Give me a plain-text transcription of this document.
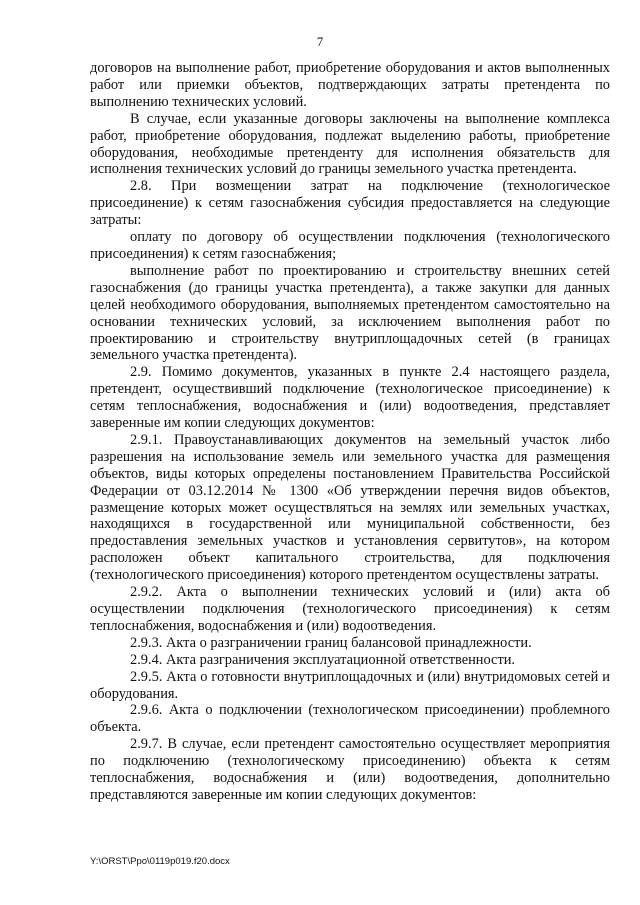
7

договоров на выполнение работ, приобретение оборудования и актов выполненных работ или приемки объектов, подтверждающих затраты претендента по выполнению технических условий.

В случае, если указанные договоры заключены на выполнение комплекса работ, приобретение оборудования, подлежат выделению работы, приобретение оборудования, необходимые претенденту для исполнения обязательств для исполнения технических условий до границы земельного участка претендента.

2.8. При возмещении затрат на подключение (технологическое присоединение) к сетям газоснабжения субсидия предоставляется на следующие затраты:

оплату по договору об осуществлении подключения (технологического присоединения) к сетям газоснабжения;

выполнение работ по проектированию и строительству внешних сетей газоснабжения (до границы участка претендента), а также закупки для данных целей необходимого оборудования, выполняемых претендентом самостоятельно на основании технических условий, за исключением выполнения работ по проектированию и строительству внутриплощадочных сетей (в границах земельного участка претендента).

2.9. Помимо документов, указанных в пункте 2.4 настоящего раздела, претендент, осуществивший подключение (технологическое присоединение) к сетям теплоснабжения, водоснабжения и (или) водоотведения, представляет заверенные им копии следующих документов:

2.9.1. Правоустанавливающих документов на земельный участок либо разрешения на использование земель или земельного участка для размещения объектов, виды которых определены постановлением Правительства Российской Федерации от 03.12.2014 № 1300 «Об утверждении перечня видов объектов, размещение которых может осуществляться на землях или земельных участках, находящихся в государственной или муниципальной собственности, без предоставления земельных участков и установления сервитутов», на котором расположен объект капитального строительства, для подключения (технологического присоединения) которого претендентом осуществлены затраты.

2.9.2. Акта о выполнении технических условий и (или) акта об осуществлении подключения (технологического присоединения) к сетям теплоснабжения, водоснабжения и (или) водоотведения.

2.9.3. Акта о разграничении границ балансовой принадлежности.

2.9.4. Акта разграничения эксплуатационной ответственности.

2.9.5. Акта о готовности внутриплощадочных и (или) внутридомовых сетей и оборудования.

2.9.6. Акта о подключении (технологическом присоединении) проблемного объекта.

2.9.7. В случае, если претендент самостоятельно осуществляет мероприятия по подключению (технологическому присоединению) объекта к сетям теплоснабжения, водоснабжения и (или) водоотведения, дополнительно представляются заверенные им копии следующих документов:

Y:\ORST\Ppo\0119p019.f20.docx
